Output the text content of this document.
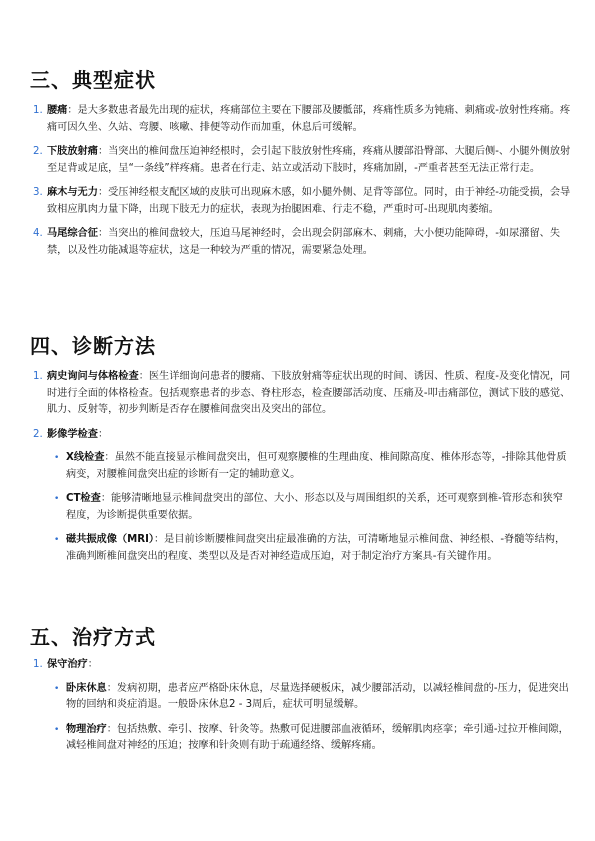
三、典型症状
1. 腰痛：是大多数患者最先出现的症状，疼痛部位主要在下腰部及腰骶部，疼痛性质多为钝痛、刺痛或-放射性疼痛。疼痛可因久坐、久站、弯腰、咳嗽、排便等动作而加重，休息后可缓解。
2. 下肢放射痛：当突出的椎间盘压迫神经根时，会引起下肢放射性疼痛，疼痛从腰部沿臀部、大腿后侧-、小腿外侧放射至足背或足底，呈“一条线”样疼痛。患者在行走、站立或活动下肢时，疼痛加剧，-严重者甚至无法正常行走。
3. 麻木与无力：受压神经根支配区域的皮肤可出现麻木感，如小腿外侧、足背等部位。同时，由于神经-功能受损，会导致相应肌肉力量下降，出现下肢无力的症状，表现为抬腿困难、行走不稳，严重时可-出现肌肉萎缩。
4. 马尾综合征：当突出的椎间盘较大，压迫马尾神经时，会出现会阴部麻木、刺痛，大小便功能障碍，-如尿潴留、失禁，以及性功能减退等症状，这是一种较为严重的情况，需要紧急处理。
四、诊断方法
1. 病史询问与体格检查：医生详细询问患者的腰痛、下肢放射痛等症状出现的时间、诱因、性质、程度-及变化情况，同时进行全面的体格检查。包括观察患者的步态、脊柱形态，检查腰部活动度、压痛及-叩击痛部位，测试下肢的感觉、肌力、反射等，初步判断是否存在腰椎间盘突出及突出的部位。
2. 影像学检查：
• X线检查：虽然不能直接显示椎间盘突出，但可观察腰椎的生理曲度、椎间隙高度、椎体形态等，-排除其他骨质病变，对腰椎间盘突出症的诊断有一定的辅助意义。
• CT检查：能够清晰地显示椎间盘突出的部位、大小、形态以及与周围组织的关系，还可观察到椎-管形态和狭窄程度，为诊断提供重要依据。
• 磁共振成像（MRI）：是目前诊断腰椎间盘突出症最准确的方法，可清晰地显示椎间盘、神经根、-脊髓等结构，准确判断椎间盘突出的程度、类型以及是否对神经造成压迫，对于制定治疗方案具-有关键作用。
五、治疗方式
1. 保守治疗：
• 卧床休息：发病初期，患者应严格卧床休息，尽量选择硬板床，减少腰部活动，以减轻椎间盘的-压力，促进突出物的回纳和炎症消退。一般卧床休息2 - 3周后，症状可明显缓解。
• 物理治疗：包括热敷、牵引、按摩、针灸等。热敷可促进腰部血液循环，缓解肌肉痉挛；牵引通-过拉开椎间隙，减轻椎间盘对神经的压迫；按摩和针灸则有助于疏通经络、缓解疼痛。
